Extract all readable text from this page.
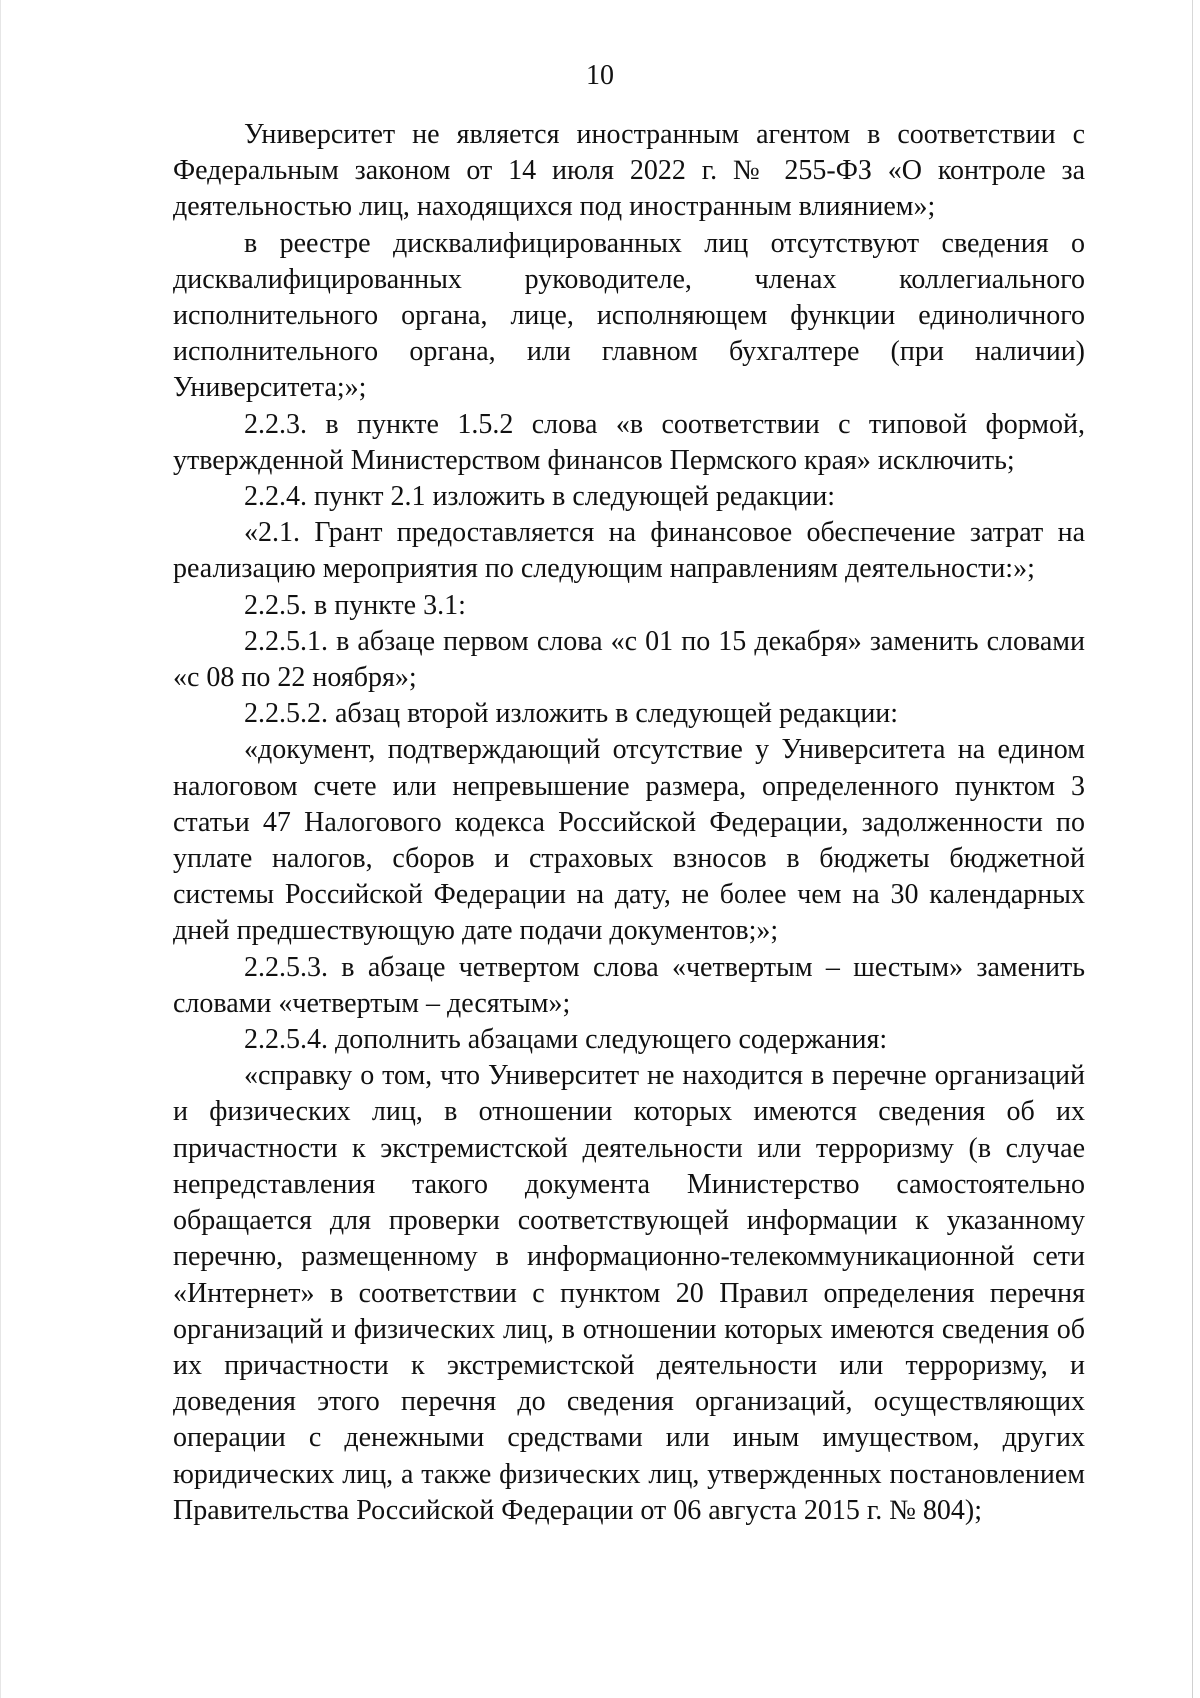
10

Университет не является иностранным агентом в соответствии с Федеральным законом от 14 июля 2022 г. № 255-ФЗ «О контроле за деятельностью лиц, находящихся под иностранным влиянием»;

в реестре дисквалифицированных лиц отсутствуют сведения о дисквалифицированных руководителе, членах коллегиального исполнительного органа, лице, исполняющем функции единоличного исполнительного органа, или главном бухгалтере (при наличии) Университета;»;

2.2.3. в пункте 1.5.2 слова «в соответствии с типовой формой, утвержденной Министерством финансов Пермского края» исключить;

2.2.4. пункт 2.1 изложить в следующей редакции:

«2.1. Грант предоставляется на финансовое обеспечение затрат на реализацию мероприятия по следующим направлениям деятельности:»;

2.2.5. в пункте 3.1:

2.2.5.1. в абзаце первом слова «с 01 по 15 декабря» заменить словами «с 08 по 22 ноября»;

2.2.5.2. абзац второй изложить в следующей редакции:

«документ, подтверждающий отсутствие у Университета на едином налоговом счете или непревышение размера, определенного пунктом 3 статьи 47 Налогового кодекса Российской Федерации, задолженности по уплате налогов, сборов и страховых взносов в бюджеты бюджетной системы Российской Федерации на дату, не более чем на 30 календарных дней предшествующую дате подачи документов;»;

2.2.5.3. в абзаце четвертом слова «четвертым – шестым» заменить словами «четвертым – десятым»;

2.2.5.4. дополнить абзацами следующего содержания:

«справку о том, что Университет не находится в перечне организаций и физических лиц, в отношении которых имеются сведения об их причастности к экстремистской деятельности или терроризму (в случае непредставления такого документа Министерство самостоятельно обращается для проверки соответствующей информации к указанному перечню, размещенному в информационно-телекоммуникационной сети «Интернет» в соответствии с пунктом 20 Правил определения перечня организаций и физических лиц, в отношении которых имеются сведения об их причастности к экстремистской деятельности или терроризму, и доведения этого перечня до сведения организаций, осуществляющих операции с денежными средствами или иным имуществом, других юридических лиц, а также физических лиц, утвержденных постановлением Правительства Российской Федерации от 06 августа 2015 г. № 804);
